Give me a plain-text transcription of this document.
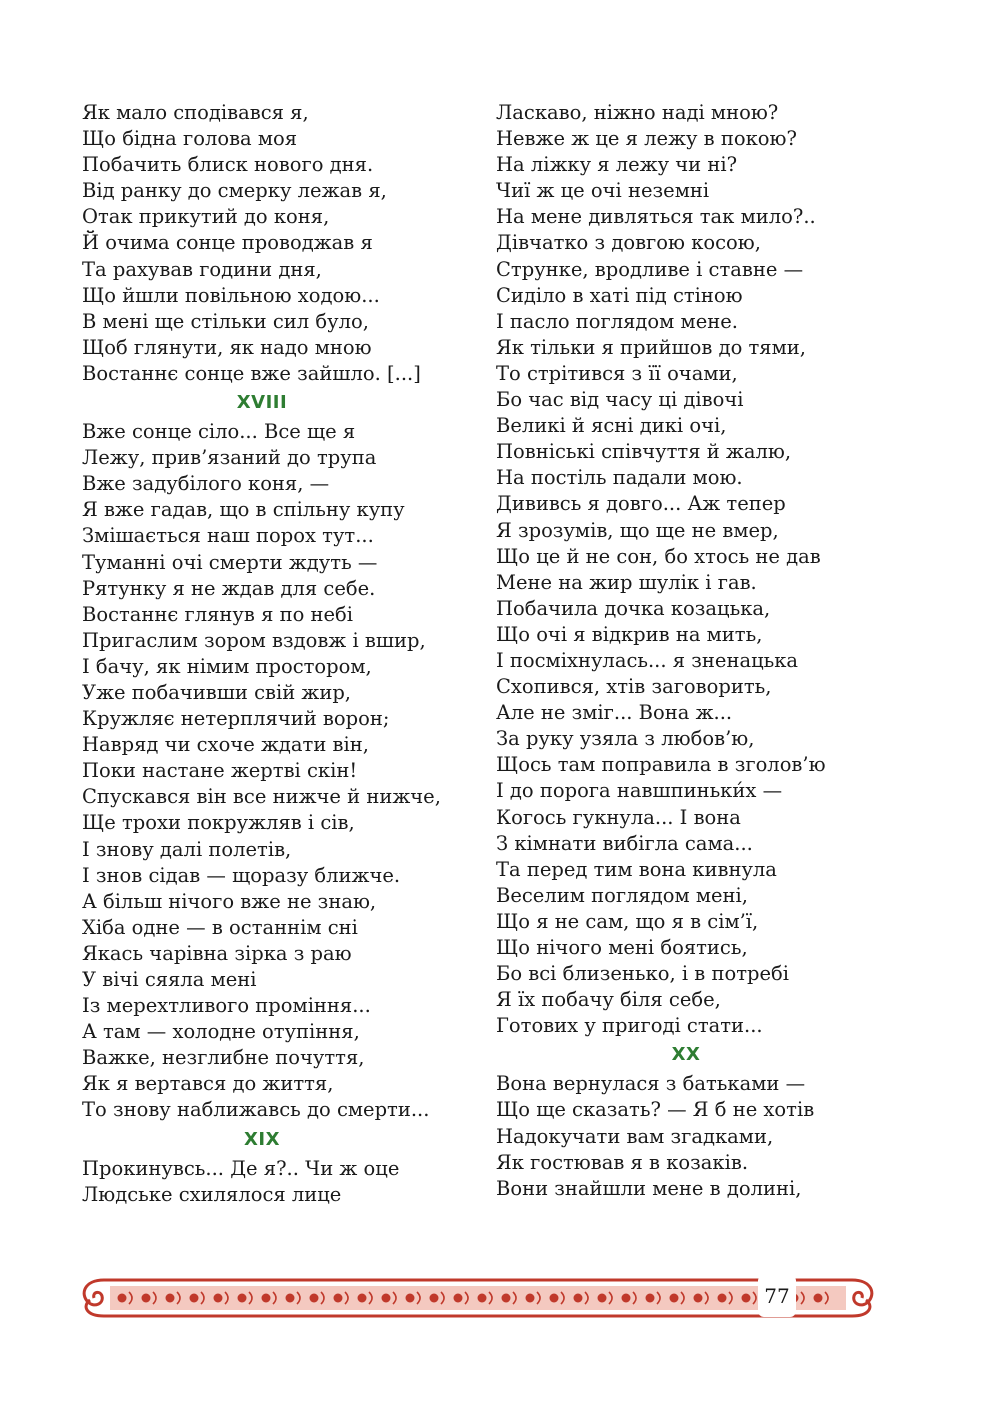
Як мало сподівався я,
Що бідна голова моя
Побачить блиск нового дня.
Від ранку до смерку лежав я,
Отак прикутий до коня,
Й очима сонце проводжав я
Та рахував години дня,
Що йшли повільною ходою...
В мені ще стільки сил було,
Щоб глянути, як надо мною
Востаннє сонце вже зайшло. [...]
XVIII
Вже сонце сіло... Все ще я
Лежу, прив’язаний до трупа
Вже задубілого коня, —
Я вже гадав, що в спільну купу
Змішається наш порох тут...
Туманні очі смерти ждуть —
Рятунку я не ждав для себе.
Востаннє глянув я по небі
Пригаслим зором вздовж і вшир,
І бачу, як німим простором,
Уже побачивши свій жир,
Кружляє нетерплячий ворон;
Навряд чи схоче ждати він,
Поки настане жертві скін!
Спускався він все нижче й нижче,
Ще трохи покружляв і сів,
І знову далі полетів,
І знов сідав — щоразу ближче.
А більш нічого вже не знаю,
Хіба одне — в останнім сні
Якась чарівна зірка з раю
У вічі сяяла мені
Із мерехтливого проміння...
А там — холодне отупіння,
Важке, незглибне почуття,
Як я вертався до життя,
То знову наближавсь до смерти...
XIX
Прокинувсь... Де я?.. Чи ж оце
Людське схилялося лице
Ласкаво, ніжно наді мною?
Невже ж це я лежу в покою?
На ліжку я лежу чи ні?
Чиї ж це очі неземні
На мене дивляться так мило?..
Дівчатко з довгою косою,
Струнке, вродливе і ставне —
Сиділо в хаті під стіною
І пасло поглядом мене.
Як тільки я прийшов до тями,
То стрітився з її очами,
Бо час від часу ці дівочі
Великі й ясні дикі очі,
Повніські співчуття й жалю,
На постіль падали мою.
Дививсь я довго... Аж тепер
Я зрозумів, що ще не вмер,
Що це й не сон, бо хтось не дав
Мене на жир шулік і гав.
Побачила дочка козацька,
Що очі я відкрив на мить,
І посміхнулась... я зненацька
Схопився, хтів заговорить,
Але не зміг... Вона ж...
За руку узяла з любов’ю,
Щось там поправила в зголов’ю
І до порога навшпиньки́х —
Когось гукнула... І вона
З кімнати вибігла сама...
Та перед тим вона кивнула
Веселим поглядом мені,
Що я не сам, що я в сім’ї,
Що нічого мені боятись,
Бо всі близенько, і в потребі
Я їх побачу біля себе,
Готових у пригоді стати...
XX
Вона вернулася з батьками —
Що ще сказать? — Я б не хотів
Надокучати вам згадками,
Як гостював я в козаків.
Вони знайшли мене в долині,
77
